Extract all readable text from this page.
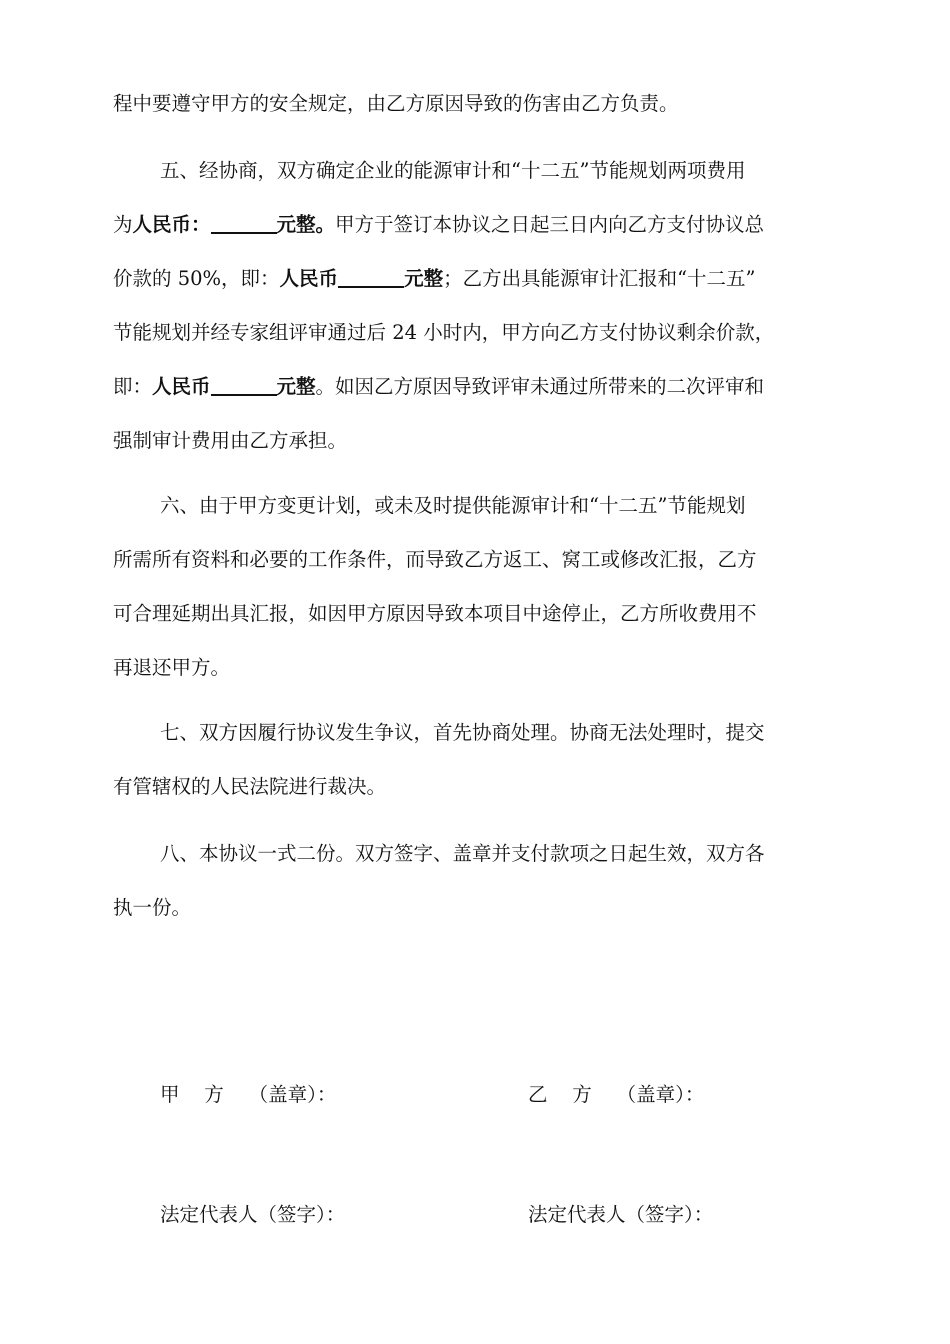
程中要遵守甲方的安全规定，由乙方原因导致的伤害由乙方负责。
五、经协商，双方确定企业的能源审计和“十二五”节能规划两项费用
为人民币：	元整。甲方于签订本协议之日起三日内向乙方支付协议总
价款的 50%，即：人民币	元整；乙方出具能源审计汇报和“十二五”
节能规划并经专家组评审通过后 24 小时内，甲方向乙方支付协议剩余价款，
即：人民币	元整。如因乙方原因导致评审未通过所带来的二次评审和
强制审计费用由乙方承担。
六、由于甲方变更计划，或未及时提供能源审计和“十二五”节能规划
所需所有资料和必要的工作条件，而导致乙方返工、窝工或修改汇报，乙方
可合理延期出具汇报，如因甲方原因导致本项目中途停止，乙方所收费用不
再退还甲方。
七、双方因履行协议发生争议，首先协商处理。协商无法处理时，提交
有管辖权的人民法院进行裁决。
八、本协议一式二份。双方签字、盖章并支付款项之日起生效，双方各
执一份。
甲    方    （盖章）：	乙    方    （盖章）：
法定代表人（签字）：	法定代表人（签字）：
